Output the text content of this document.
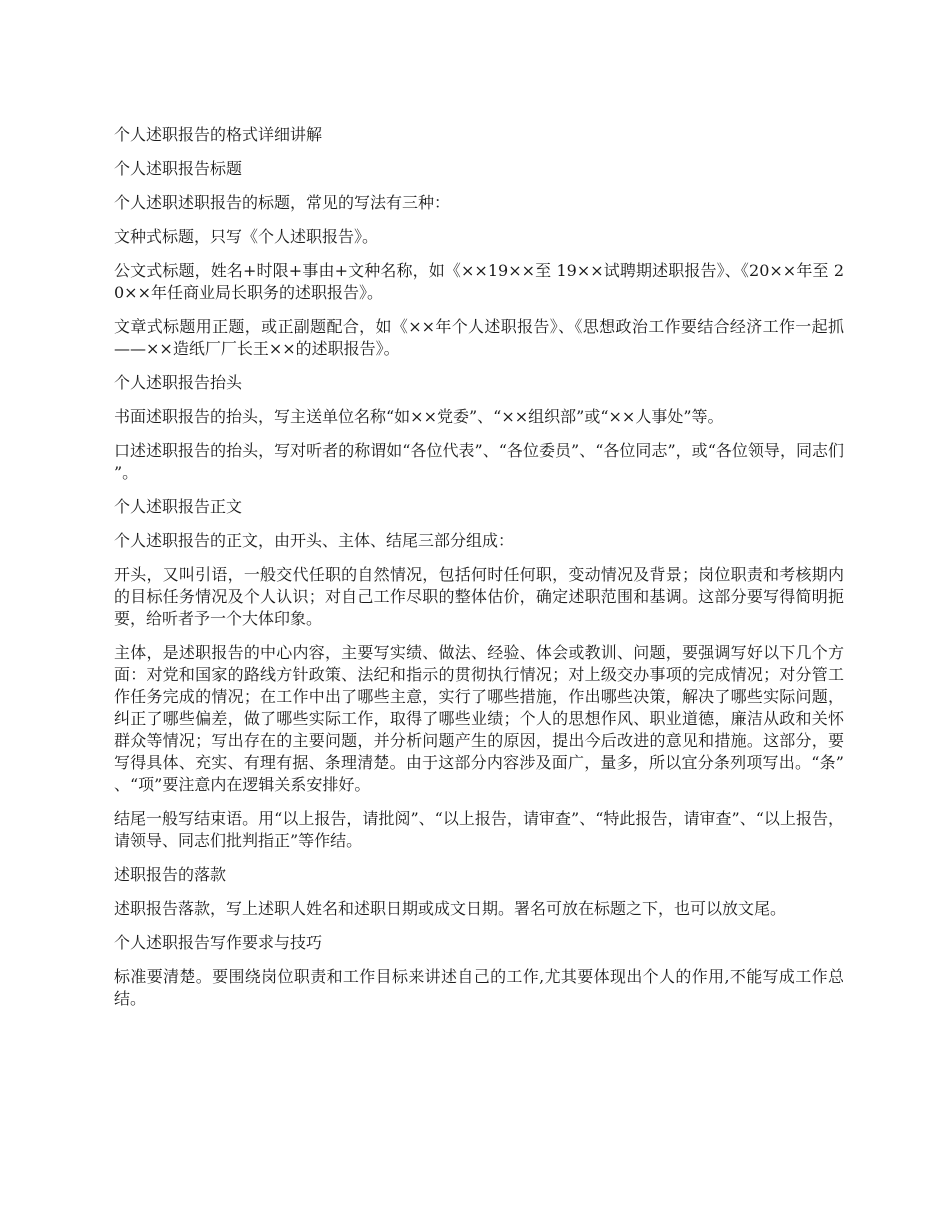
个人述职报告的格式详细讲解

个人述职报告标题

个人述职述职报告的标题，常见的写法有三种：

文种式标题，只写《个人述职报告》。

公文式标题，姓名+时限+事由+文种名称，如《××19××至 19××试聘期述职报告》、《20××年至 20××年任商业局长职务的述职报告》。

文章式标题用正题，或正副题配合，如《××年个人述职报告》、《思想政治工作要结合经济工作一起抓——××造纸厂厂长王××的述职报告》。

个人述职报告抬头

书面述职报告的抬头，写主送单位名称“如××党委”、“××组织部”或“××人事处”等。

口述述职报告的抬头，写对听者的称谓如“各位代表”、“各位委员”、“各位同志”，或“各位领导，同志们”。

个人述职报告正文

个人述职报告的正文，由开头、主体、结尾三部分组成：

开头，又叫引语，一般交代任职的自然情况，包括何时任何职，变动情况及背景；岗位职责和考核期内的目标任务情况及个人认识；对自己工作尽职的整体估价，确定述职范围和基调。这部分要写得简明扼要，给听者予一个大体印象。

主体，是述职报告的中心内容，主要写实绩、做法、经验、体会或教训、问题，要强调写好以下几个方面：对党和国家的路线方针政策、法纪和指示的贯彻执行情况；对上级交办事项的完成情况；对分管工作任务完成的情况；在工作中出了哪些主意，实行了哪些措施，作出哪些决策，解决了哪些实际问题，纠正了哪些偏差，做了哪些实际工作，取得了哪些业绩；个人的思想作风、职业道德，廉洁从政和关怀群众等情况；写出存在的主要问题，并分析问题产生的原因，提出今后改进的意见和措施。这部分，要写得具体、充实、有理有据、条理清楚。由于这部分内容涉及面广，量多，所以宜分条列项写出。“条”、“项”要注意内在逻辑关系安排好。

结尾一般写结束语。用“以上报告，请批阅”、“以上报告，请审查”、“特此报告，请审查”、“以上报告，请领导、同志们批判指正”等作结。

述职报告的落款

述职报告落款，写上述职人姓名和述职日期或成文日期。署名可放在标题之下，也可以放文尾。

个人述职报告写作要求与技巧

标准要清楚。要围绕岗位职责和工作目标来讲述自己的工作,尤其要体现出个人的作用,不能写成工作总结。
